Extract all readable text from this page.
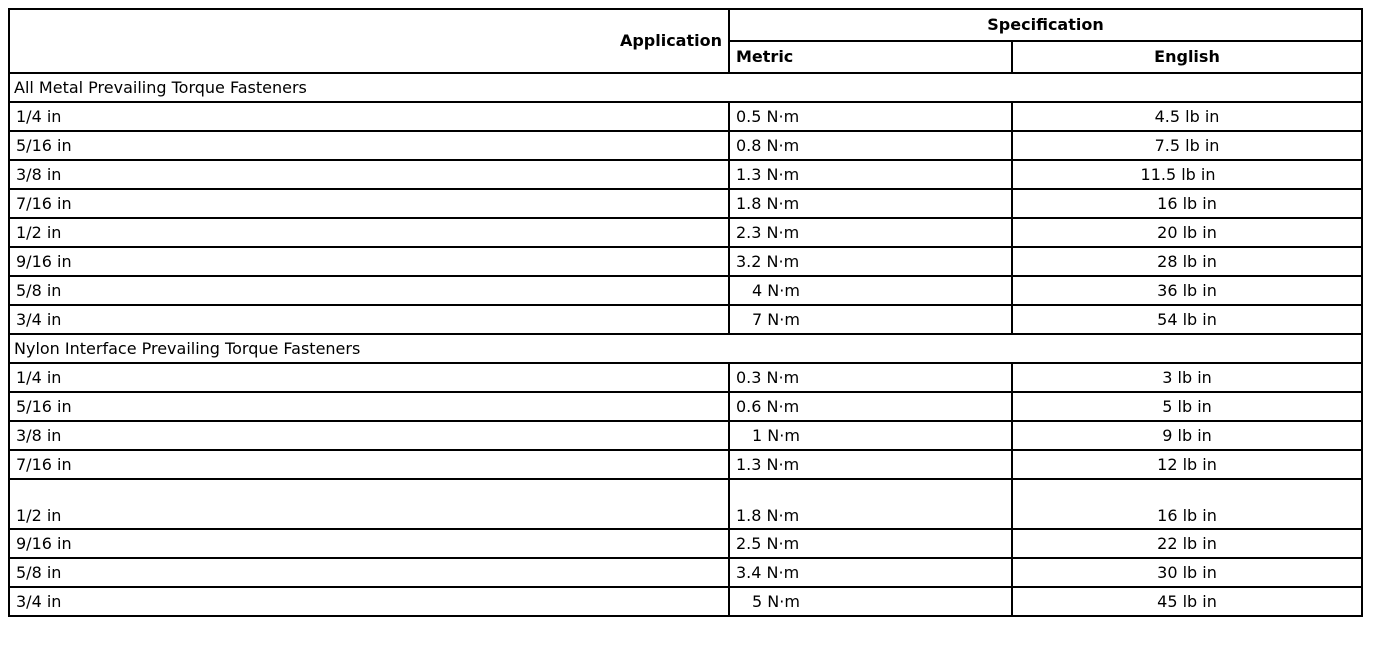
Application	Specification	
	Metric	English
All Metal Prevailing Torque Fasteners		
1/4 in	0.5 N·m	4.5 lb in
5/16 in	0.8 N·m	7.5 lb in
3/8 in	1.3 N·m	11.5 lb in
7/16 in	1.8 N·m	16 lb in
1/2 in	2.3 N·m	20 lb in
9/16 in	3.2 N·m	28 lb in
5/8 in	4 N·m	36 lb in
3/4 in	7 N·m	54 lb in
Nylon Interface Prevailing Torque Fasteners		
1/4 in	0.3 N·m	3 lb in
5/16 in	0.6 N·m	5 lb in
3/8 in	1 N·m	9 lb in
7/16 in	1.3 N·m	12 lb in
1/2 in	1.8 N·m	16 lb in
9/16 in	2.5 N·m	22 lb in
5/8 in	3.4 N·m	30 lb in
3/4 in	5 N·m	45 lb in
